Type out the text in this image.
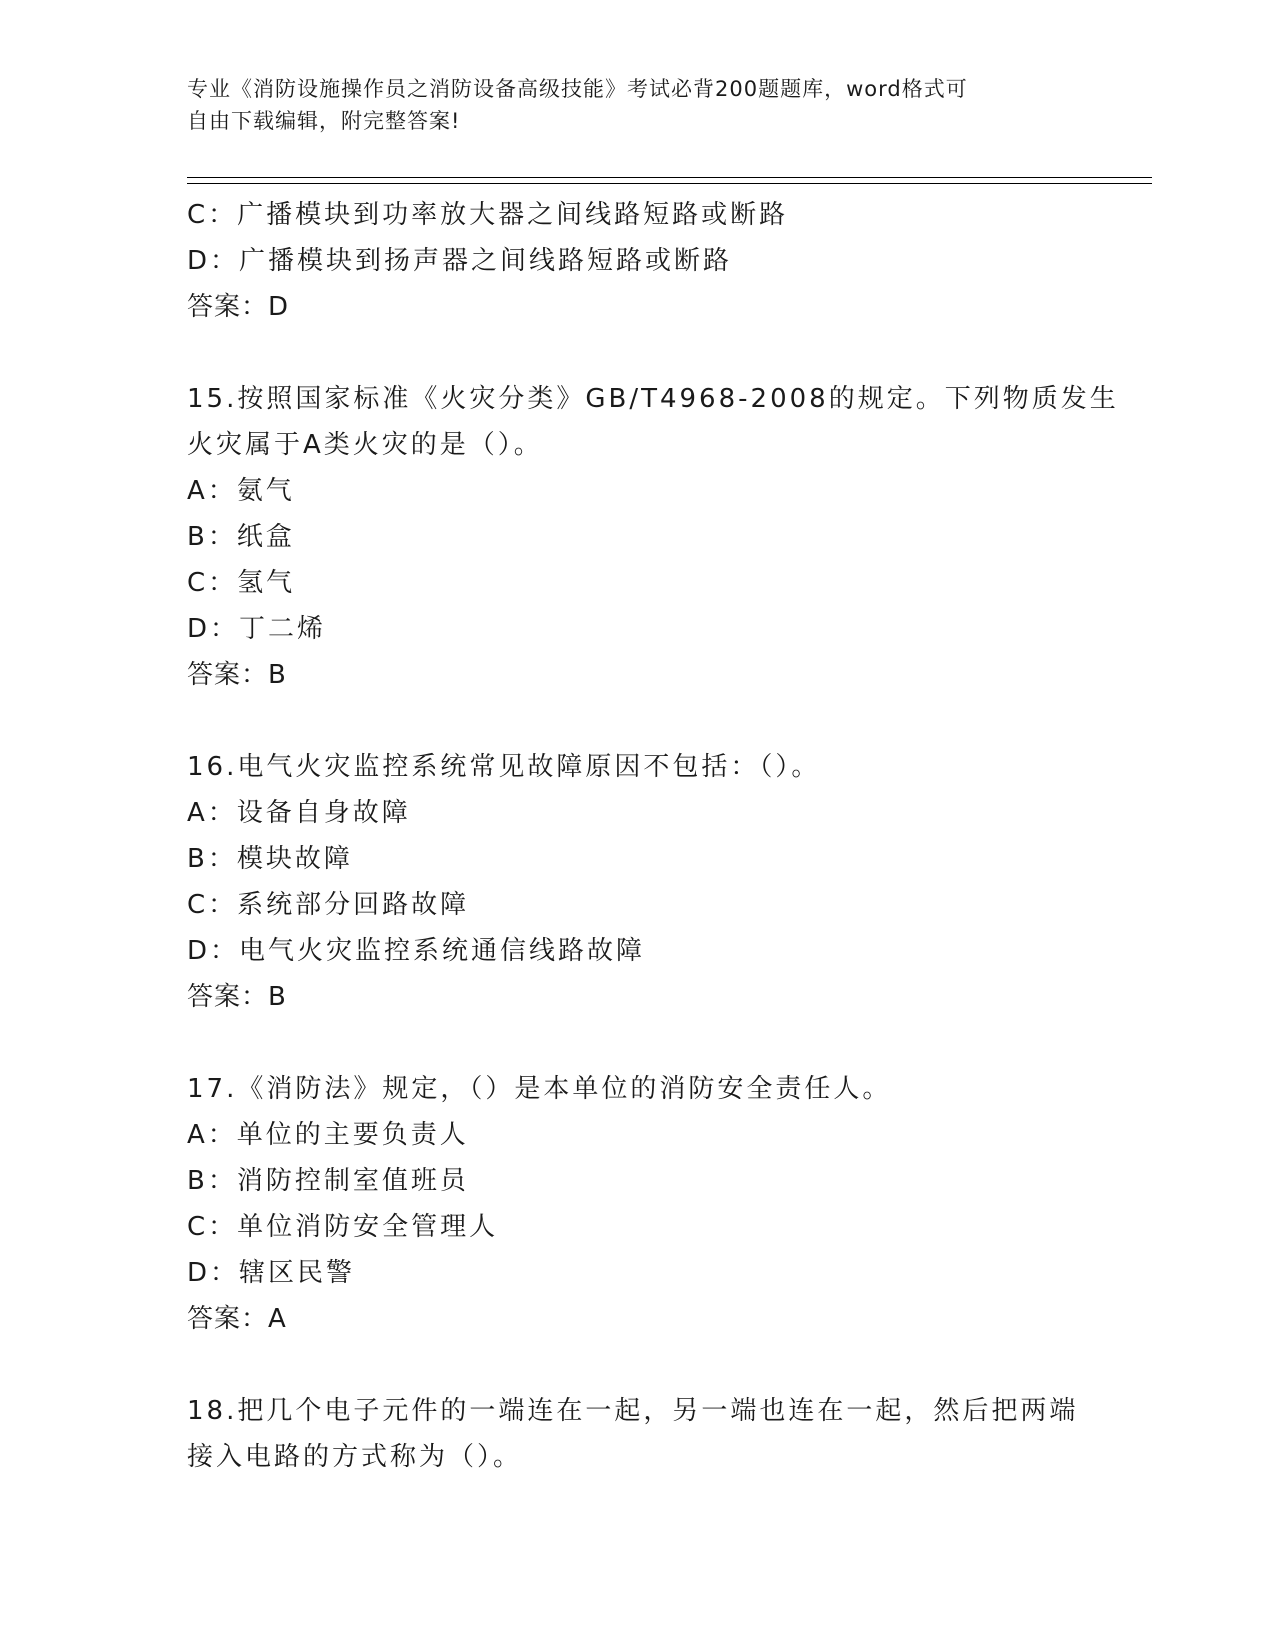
专业《消防设施操作员之消防设备高级技能》考试必背200题题库，word格式可
自由下载编辑，附完整答案!
C：广播模块到功率放大器之间线路短路或断路
D：广播模块到扬声器之间线路短路或断路
答案：D
15.按照国家标准《火灾分类》GB/T4968-2008的规定。下列物质发生
火灾属于A类火灾的是（）。
A：氨气
B：纸盒
C：氢气
D：丁二烯
答案：B
16.电气火灾监控系统常见故障原因不包括：（）。
A：设备自身故障
B：模块故障
C：系统部分回路故障
D：电气火灾监控系统通信线路故障
答案：B
17.《消防法》规定，（）是本单位的消防安全责任人。
A：单位的主要负责人
B：消防控制室值班员
C：单位消防安全管理人
D：辖区民警
答案：A
18.把几个电子元件的一端连在一起，另一端也连在一起，然后把两端
接入电路的方式称为（）。
